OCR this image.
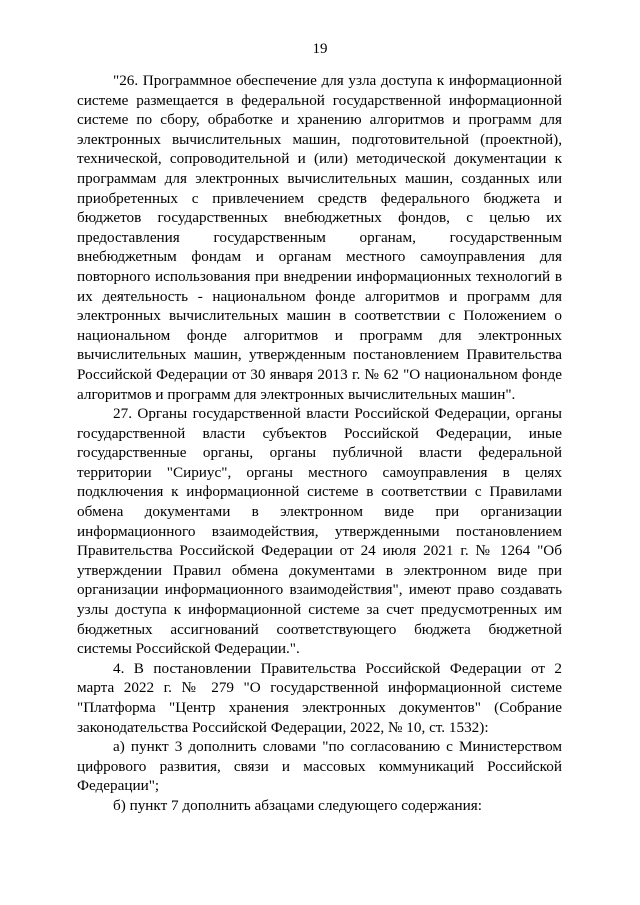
19

"26. Программное обеспечение для узла доступа к информационной системе размещается в федеральной государственной информационной системе по сбору, обработке и хранению алгоритмов и программ для электронных вычислительных машин, подготовительной (проектной), технической, сопроводительной и (или) методической документации к программам для электронных вычислительных машин, созданных или приобретенных с привлечением средств федерального бюджета и бюджетов государственных внебюджетных фондов, с целью их предоставления государственным органам, государственным внебюджетным фондам и органам местного самоуправления для повторного использования при внедрении информационных технологий в их деятельность - национальном фонде алгоритмов и программ для электронных вычислительных машин в соответствии с Положением о национальном фонде алгоритмов и программ для электронных вычислительных машин, утвержденным постановлением Правительства Российской Федерации от 30 января 2013 г. № 62 "О национальном фонде алгоритмов и программ для электронных вычислительных машин".

27. Органы государственной власти Российской Федерации, органы государственной власти субъектов Российской Федерации, иные государственные органы, органы публичной власти федеральной территории "Сириус", органы местного самоуправления в целях подключения к информационной системе в соответствии с Правилами обмена документами в электронном виде при организации информационного взаимодействия, утвержденными постановлением Правительства Российской Федерации от 24 июля 2021 г. № 1264 "Об утверждении Правил обмена документами в электронном виде при организации информационного взаимодействия", имеют право создавать узлы доступа к информационной системе за счет предусмотренных им бюджетных ассигнований соответствующего бюджета бюджетной системы Российской Федерации.".

4. В постановлении Правительства Российской Федерации от 2 марта 2022 г. № 279 "О государственной информационной системе "Платформа "Центр хранения электронных документов" (Собрание законодательства Российской Федерации, 2022, № 10, ст. 1532):

а) пункт 3 дополнить словами "по согласованию с Министерством цифрового развития, связи и массовых коммуникаций Российской Федерации";

б) пункт 7 дополнить абзацами следующего содержания:
